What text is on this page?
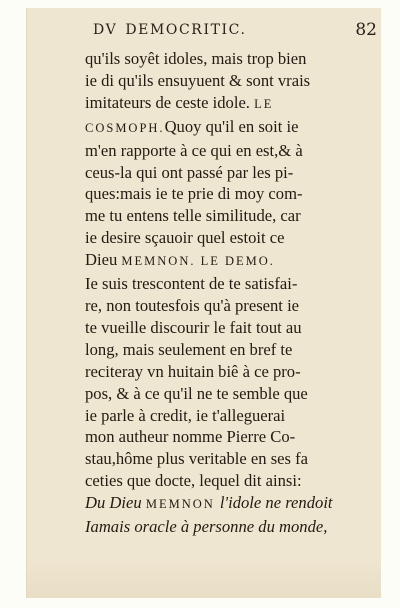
DV DEMOCRITIC.	82
qu'ils soyêt idoles, mais trop bien
ie di qu'ils ensuyuent & sont vrais
imitateurs de ceste idole. LE
COSMOPH.Quoy qu'il en soit ie
m'en rapporte à ce qui en est,& à
ceus-la qui ont passé par les pi-
ques:mais ie te prie di moy com-
me tu entens telle similitude, car
ie desire sçauoir quel estoit ce
Dieu MEMNON. LE DEMO.
Ie suis trescontent de te satisfai-
re, non toutesfois qu'à present ie
te vueille discourir le fait tout au
long, mais seulement en bref te
reciteray vn huitain biê à ce pro-
pos, & à ce qu'il ne te semble que
ie parle à credit, ie t'alleguerai
mon autheur nomme Pierre Co-
stau,hôme plus veritable en ses fa
ceties que docte, lequel dit ainsi:
Du Dieu MEMNON l'idole ne rendoit
Iamais oracle à personne du monde,
